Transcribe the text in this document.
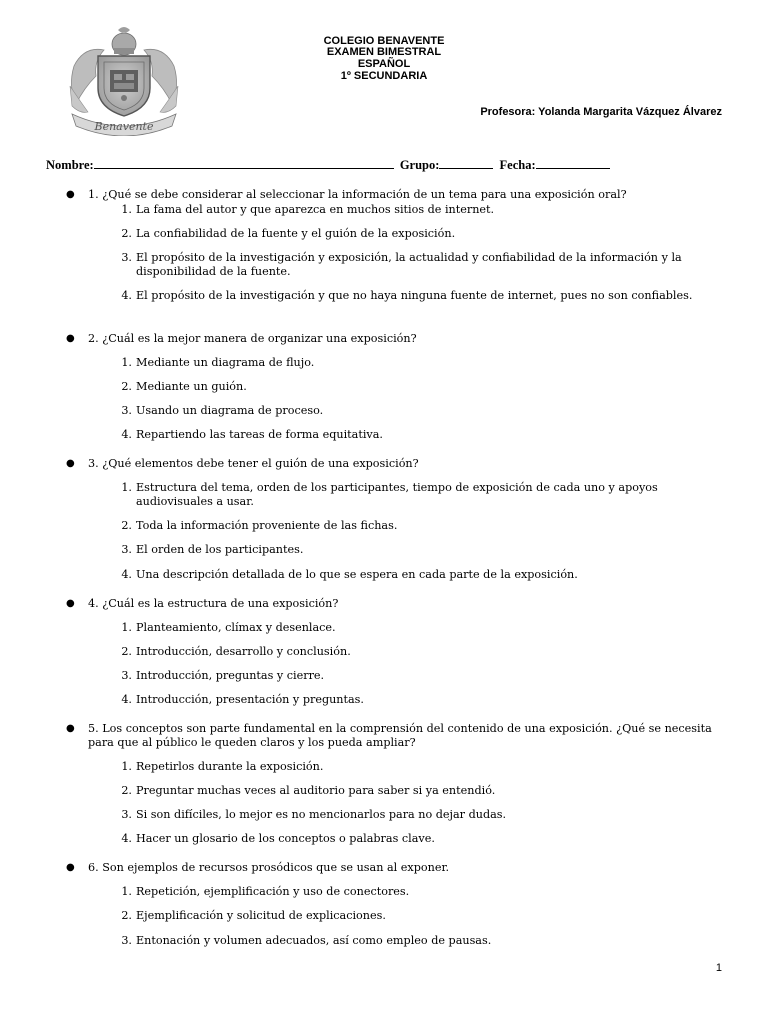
Benavente
COLEGIO BENAVENTE
EXAMEN BIMESTRAL
ESPAÑOL
1º SECUNDARIA
Profesora: Yolanda Margarita Vázquez Álvarez
Nombre:	Grupo:	Fecha:
●	1. ¿Qué se debe considerar al seleccionar la información de un tema para una exposición oral?
1. La fama del autor y que aparezca en muchos sitios de internet.
2. La confiabilidad de la fuente y el guión de la exposición.
3. El propósito de la investigación y exposición, la actualidad y confiabilidad de la información y la disponibilidad de la fuente.
4. El propósito de la investigación y que no haya ninguna fuente de internet, pues no son confiables.
●	2. ¿Cuál es la mejor manera de organizar una exposición?
1. Mediante un diagrama de flujo.
2. Mediante un guión.
3. Usando un diagrama de proceso.
4. Repartiendo las tareas de forma equitativa.
●	3. ¿Qué elementos debe tener el guión de una exposición?
1. Estructura del tema, orden de los participantes, tiempo de exposición de cada uno y apoyos audiovisuales a usar.
2. Toda la información proveniente de las fichas.
3. El orden de los participantes.
4. Una descripción detallada de lo que se espera en cada parte de la exposición.
●	4. ¿Cuál es la estructura de una exposición?
1. Planteamiento, clímax y desenlace.
2. Introducción, desarrollo y conclusión.
3. Introducción, preguntas y cierre.
4. Introducción, presentación y preguntas.
●	5. Los conceptos son parte fundamental en la comprensión del contenido de una exposición. ¿Qué se necesita para que al público le queden claros y los pueda ampliar?
1. Repetirlos durante la exposición.
2. Preguntar muchas veces al auditorio para saber si ya entendió.
3. Si son difíciles, lo mejor es no mencionarlos para no dejar dudas.
4. Hacer un glosario de los conceptos o palabras clave.
●	6. Son ejemplos de recursos prosódicos que se usan al exponer.
1. Repetición, ejemplificación y uso de conectores.
2. Ejemplificación y solicitud de explicaciones.
3. Entonación y volumen adecuados, así como empleo de pausas.
1
